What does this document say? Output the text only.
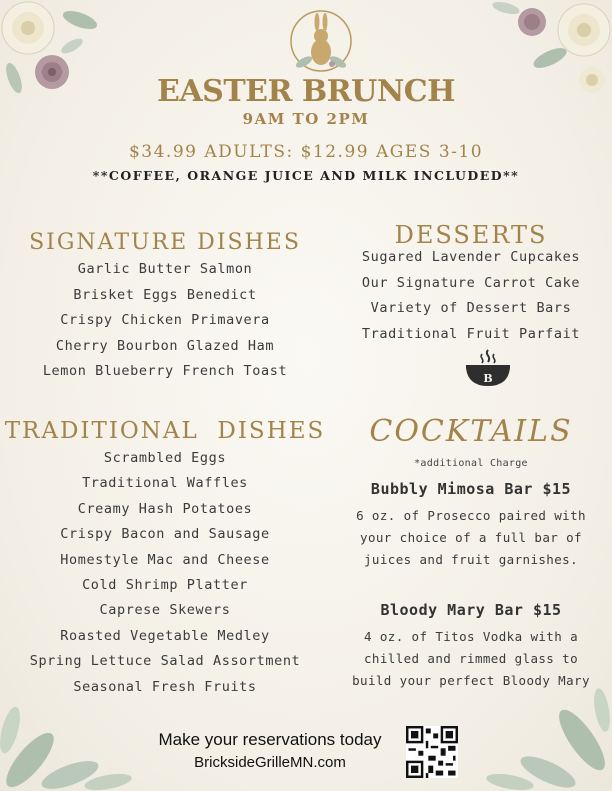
EASTER BRUNCH
9AM TO 2PM
$34.99 ADULTS: $12.99 AGES 3-10
**COFFEE, ORANGE JUICE AND MILK INCLUDED**
SIGNATURE DISHES
Garlic Butter Salmon
Brisket Eggs Benedict
Crispy Chicken Primavera
Cherry Bourbon Glazed Ham
Lemon Blueberry French Toast
DESSERTS
Sugared Lavender Cupcakes
Our Signature Carrot Cake
Variety of Dessert Bars
Traditional Fruit Parfait
B
TRADITIONAL  DISHES
Scrambled Eggs
Traditional Waffles
Creamy Hash Potatoes
Crispy Bacon and Sausage
Homestyle Mac and Cheese
Cold Shrimp Platter
Caprese Skewers
Roasted Vegetable Medley
Spring Lettuce Salad Assortment
Seasonal Fresh Fruits
COCKTAILS
*additional Charge
Bubbly Mimosa Bar $15
6 oz. of Prosecco paired with
your choice of a full bar of
juices and fruit garnishes.
Bloody Mary Bar $15
4 oz. of Titos Vodka with a
chilled and rimmed glass to
build your perfect Bloody Mary
Make your reservations today
BricksideGrilleMN.com
